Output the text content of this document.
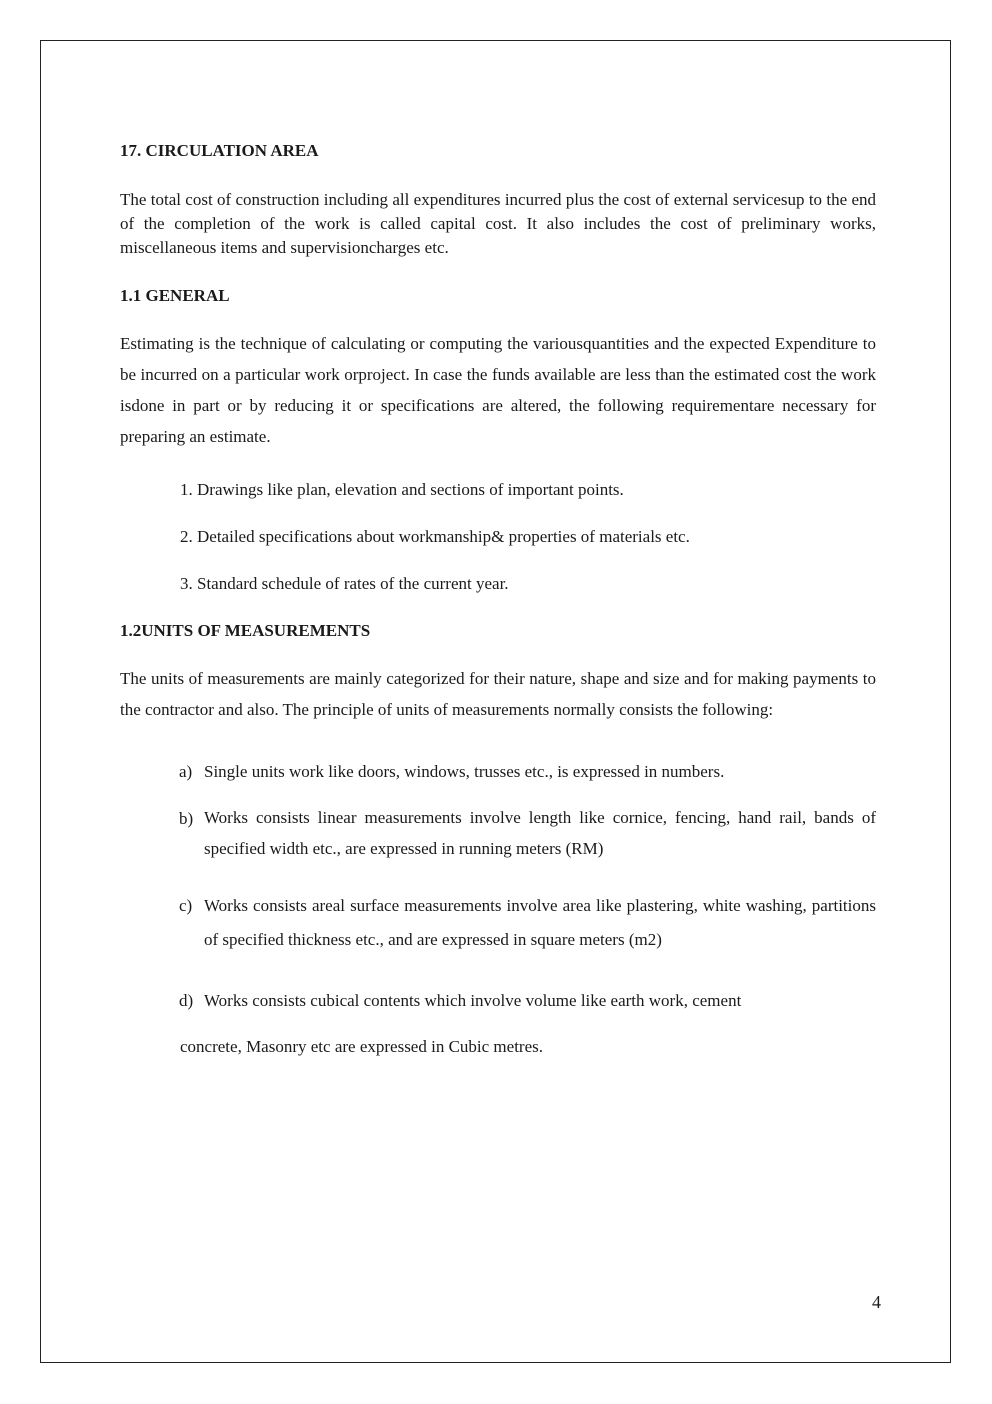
17. CIRCULATION AREA
The total cost of construction including all expenditures incurred plus the cost of external servicesup to the end of the completion of the work is called capital cost. It also includes the cost of preliminary works, miscellaneous items and supervisioncharges etc.
1.1 GENERAL
Estimating is the technique of calculating or computing the variousquantities and the expected Expenditure to be incurred on a particular work orproject. In case the funds available are less than the estimated cost the work isdone in part or by reducing it or specifications are altered, the following requirementare necessary for preparing an estimate.
1. Drawings like plan, elevation and sections of important points.
2. Detailed specifications about workmanship& properties of materials etc.
3. Standard schedule of rates of the current year.
1.2UNITS OF MEASUREMENTS
The units of measurements are mainly categorized for their nature, shape and size and for making payments to the contractor and also. The principle of units of measurements normally consists the following:
a) Single units work like doors, windows, trusses etc., is expressed in numbers.
b) Works consists linear measurements involve length like cornice, fencing, hand rail, bands of specified width etc., are expressed in running meters (RM)
c) Works consists areal surface measurements involve area like plastering, white washing, partitions of specified thickness etc., and are expressed in square meters (m2)
d) Works consists cubical contents which involve volume like earth work, cement
concrete, Masonry etc are expressed in Cubic metres.
4
